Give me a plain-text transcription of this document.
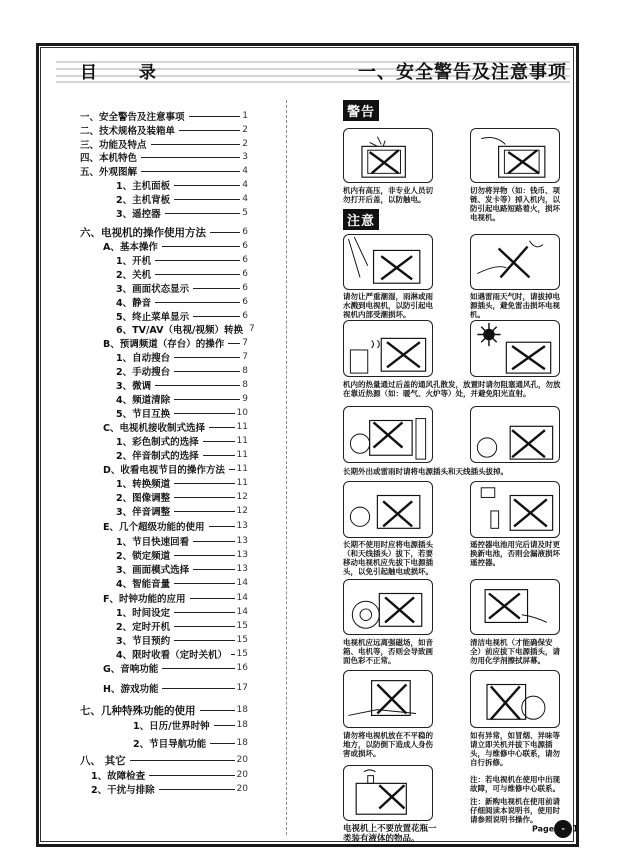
目 录	一、安全警告及注意事项
一、安全警告及注意事项	1
二、技术规格及装箱单	2
三、功能及特点	2
四、本机特色	3
五、外观图解	4
1、主机面板	4
2、主机背板	4
3、遥控器	5
六、电视机的操作使用方法	6
A、基本操作	6
1、开机	6
2、关机	6
3、画面状态显示	6
4、静音	6
5、终止菜单显示	6
6、TV/AV（电视/视频）转换 7
B、预调频道（存台）的操作 7
1、自动搜台	7
2、手动搜台	8
3、微调	8
4、频道清除	9
5、节目互换	10
C、电视机接收制式选择	11
1、彩色制式的选择	11
2、伴音制式的选择	11
D、收看电视节目的操作方法 11
1、转换频道	11
2、图像调整	12
3、伴音调整	12
E、几个超级功能的使用	13
1、节目快速回看	13
2、锁定频道	13
3、画面模式选择	13
4、智能音量	14
F、时钟功能的应用	14
1、时间设定	14
2、定时开机	15
3、节目预约	15
4、限时收看（定时关机） 15
G、音响功能	16
H、游戏功能	17
七、几种特殊功能的使用	18
1、日历/世界时钟	18
2、节目导航功能	18
八、 其它	20
1、故障检查	20
2、干扰与排除	20
警告
机内有高压，非专业人员切勿打开后盖，以防触电。
切勿将异物（如：钱币、项链、发卡等）掉入机内，以防引起电路短路着火，损坏电视机。
注意
请勿让严重潮湿，雨淋或雨水溅到电视机，以防引起电视机内部受潮损坏。
如遇雷雨天气时，请拔掉电源插头，避免雷击损坏电视机。
机内的热量通过后盖的通风孔散发，放置时请勿阻塞通风孔，勿放在靠近热源（如：暖气、火炉等）处，并避免阳光直射。
长期外出或雷雨时请将电源插头和天线插头拔掉。
长期不使用时应将电源插头（和天线插头）拔下，若要移动电视机应先拔下电源插头，以免引起触电或损坏。
遥控器电池用完后请及时更换新电池，否则会漏液损坏遥控器。
电视机应远离强磁场，如音箱、电机等，否则会导致画面色彩不正常。
清洁电视机（才能确保安全）前应拔下电源插头，请勿用化学剂擦拭屏幕。
请勿将电视机放在不平稳的地方，以防倒下造成人身伤害或损坏。
如有异常，如冒烟、异味等请立即关机并拔下电源插头，与维修中心联系，请勿自行拆修。
电视机上不要放置花瓶一类装有液体的物品。
注：若电视机在使用中出现故障，可与维修中心联系。
注：新购电视机在使用前请仔细阅读本说明书，使用时请参照说明书操作。
Page - 1
